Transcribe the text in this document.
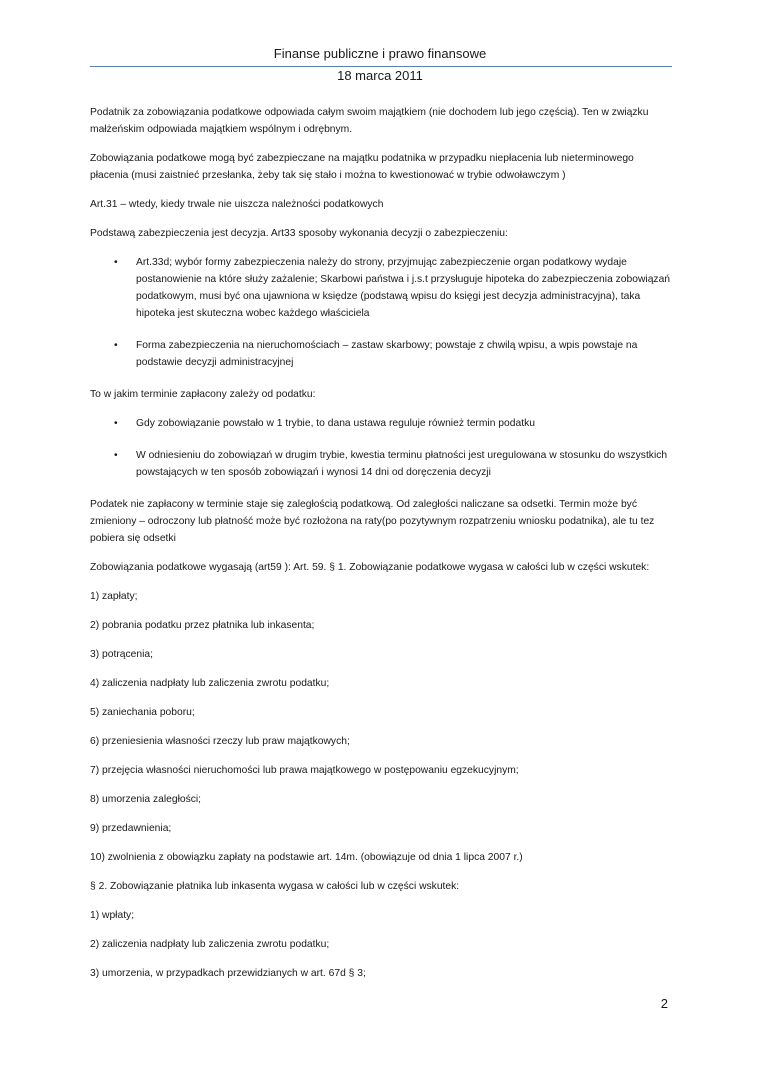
Finanse publiczne i prawo finansowe
18 marca 2011

Podatnik za zobowiązania podatkowe odpowiada całym swoim majątkiem (nie dochodem lub jego częścią). Ten w związku małżeńskim odpowiada majątkiem wspólnym i odrębnym.

Zobowiązania podatkowe mogą być zabezpieczane na majątku podatnika w przypadku niepłacenia lub nieterminowego płacenia (musi zaistnieć przesłanka, żeby tak się stało i można to kwestionować w trybie odwoławczym )

Art.31 – wtedy, kiedy trwale nie uiszcza należności podatkowych

Podstawą zabezpieczenia jest decyzja. Art33 sposoby wykonania decyzji o zabezpieczeniu:

• Art.33d; wybór formy zabezpieczenia należy do strony, przyjmując zabezpieczenie organ podatkowy wydaje postanowienie na które służy zażalenie; Skarbowi państwa i j.s.t przysługuje hipoteka do zabezpieczenia zobowiązań podatkowym, musi być ona ujawniona w księdze (podstawą wpisu do księgi jest decyzja administracyjna), taka hipoteka jest skuteczna wobec każdego właściciela
• Forma zabezpieczenia na nieruchomościach – zastaw skarbowy; powstaje z chwilą wpisu, a wpis powstaje na podstawie decyzji administracyjnej

To w jakim terminie zapłacony zależy od podatku:

• Gdy zobowiązanie powstało w 1 trybie, to dana ustawa reguluje również termin podatku
• W odniesieniu do zobowiązań w drugim trybie, kwestia terminu płatności jest uregulowana w stosunku do wszystkich powstających w ten sposób zobowiązań i wynosi 14 dni od doręczenia decyzji

Podatek nie zapłacony w terminie staje się zaległością podatkową. Od zaległości naliczane sa odsetki. Termin może być zmieniony – odroczony lub płatność może być rozłożona na raty(po pozytywnym rozpatrzeniu wniosku podatnika), ale tu tez pobiera się odsetki

Zobowiązania podatkowe wygasają (art59 ): Art. 59. § 1. Zobowiązanie podatkowe wygasa w całości lub w części wskutek:

1) zapłaty;

2) pobrania podatku przez płatnika lub inkasenta;

3) potrącenia;

4) zaliczenia nadpłaty lub zaliczenia zwrotu podatku;

5) zaniechania poboru;

6) przeniesienia własności rzeczy lub praw majątkowych;

7) przejęcia własności nieruchomości lub prawa majątkowego w postępowaniu egzekucyjnym;

8) umorzenia zaległości;

9) przedawnienia;

10) zwolnienia z obowiązku zapłaty na podstawie art. 14m. (obowiązuje od dnia 1 lipca 2007 r.)

§ 2. Zobowiązanie płatnika lub inkasenta wygasa w całości lub w części wskutek:

1) wpłaty;

2) zaliczenia nadpłaty lub zaliczenia zwrotu podatku;

3) umorzenia, w przypadkach przewidzianych w art. 67d § 3;

2
